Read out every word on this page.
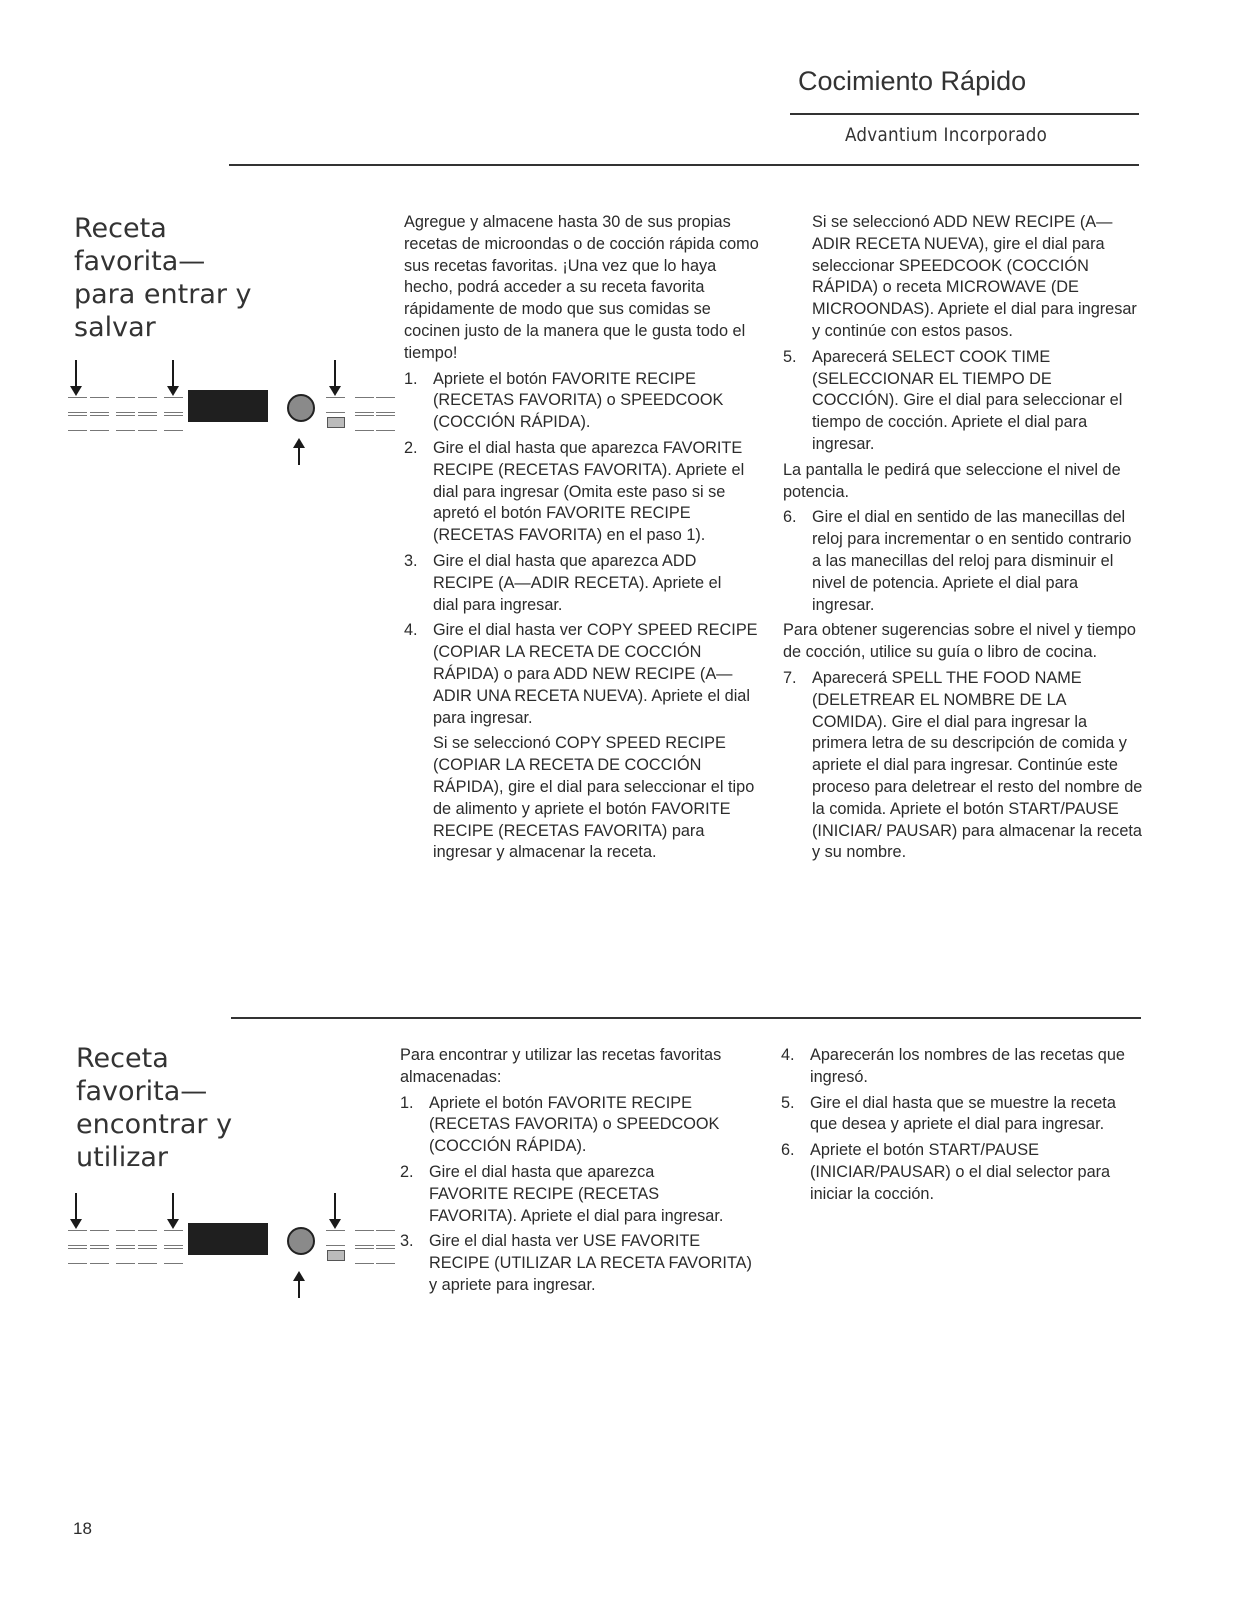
Cocimiento Rápido
Advantium Incorporado
Receta favorita— para entrar y salvar

Agregue y almacene hasta 30 de sus propias recetas de microondas o de cocción rápida como sus recetas favoritas. ¡Una vez que lo haya hecho, podrá acceder a su receta favorita rápidamente de modo que sus comidas se cocinen justo de la manera que le gusta todo el tiempo!

1. Apriete el botón FAVORITE RECIPE (RECETAS FAVORITA) o SPEEDCOOK (COCCIÓN RÁPIDA).
2. Gire el dial hasta que aparezca FAVORITE RECIPE (RECETAS FAVORITA). Apriete el dial para ingresar (Omita este paso si se apretó el botón FAVORITE RECIPE (RECETAS FAVORITA) en el paso 1).
3. Gire el dial hasta que aparezca ADD RECIPE (A—ADIR RECETA). Apriete el dial para ingresar.
4. Gire el dial hasta ver COPY SPEED RECIPE (COPIAR LA RECETA DE COCCIÓN RÁPIDA) o para ADD NEW RECIPE (A—ADIR UNA RECETA NUEVA). Apriete el dial para ingresar.

Si se seleccionó COPY SPEED RECIPE (COPIAR LA RECETA DE COCCIÓN RÁPIDA), gire el dial para seleccionar el tipo de alimento y apriete el botón FAVORITE RECIPE (RECETAS FAVORITA) para ingresar y almacenar la receta.

Si se seleccionó ADD NEW RECIPE (A—ADIR RECETA NUEVA), gire el dial para seleccionar SPEEDCOOK (COCCIÓN RÁPIDA) o receta MICROWAVE (DE MICROONDAS). Apriete el dial para ingresar y continúe con estos pasos.

5. Aparecerá SELECT COOK TIME (SELECCIONAR EL TIEMPO DE COCCIÓN). Gire el dial para seleccionar el tiempo de cocción. Apriete el dial para ingresar.

La pantalla le pedirá que seleccione el nivel de potencia.

6. Gire el dial en sentido de las manecillas del reloj para incrementar o en sentido contrario a las manecillas del reloj para disminuir el nivel de potencia. Apriete el dial para ingresar.

Para obtener sugerencias sobre el nivel y tiempo de cocción, utilice su guía o libro de cocina.

7. Aparecerá SPELL THE FOOD NAME (DELETREAR EL NOMBRE DE LA COMIDA). Gire el dial para ingresar la primera letra de su descripción de comida y apriete el dial para ingresar. Continúe este proceso para deletrear el resto del nombre de la comida. Apriete el botón START/PAUSE (INICIAR/ PAUSAR) para almacenar la receta y su nombre.
Receta favorita— encontrar y utilizar

Para encontrar y utilizar las recetas favoritas almacenadas:

1. Apriete el botón FAVORITE RECIPE (RECETAS FAVORITA) o SPEEDCOOK (COCCIÓN RÁPIDA).
2. Gire el dial hasta que aparezca FAVORITE RECIPE (RECETAS FAVORITA). Apriete el dial para ingresar.
3. Gire el dial hasta ver USE FAVORITE RECIPE (UTILIZAR LA RECETA FAVORITA) y apriete para ingresar.
4. Aparecerán los nombres de las recetas que ingresó.
5. Gire el dial hasta que se muestre la receta que desea y apriete el dial para ingresar.
6. Apriete el botón START/PAUSE (INICIAR/PAUSAR) o el dial selector para iniciar la cocción.
18
